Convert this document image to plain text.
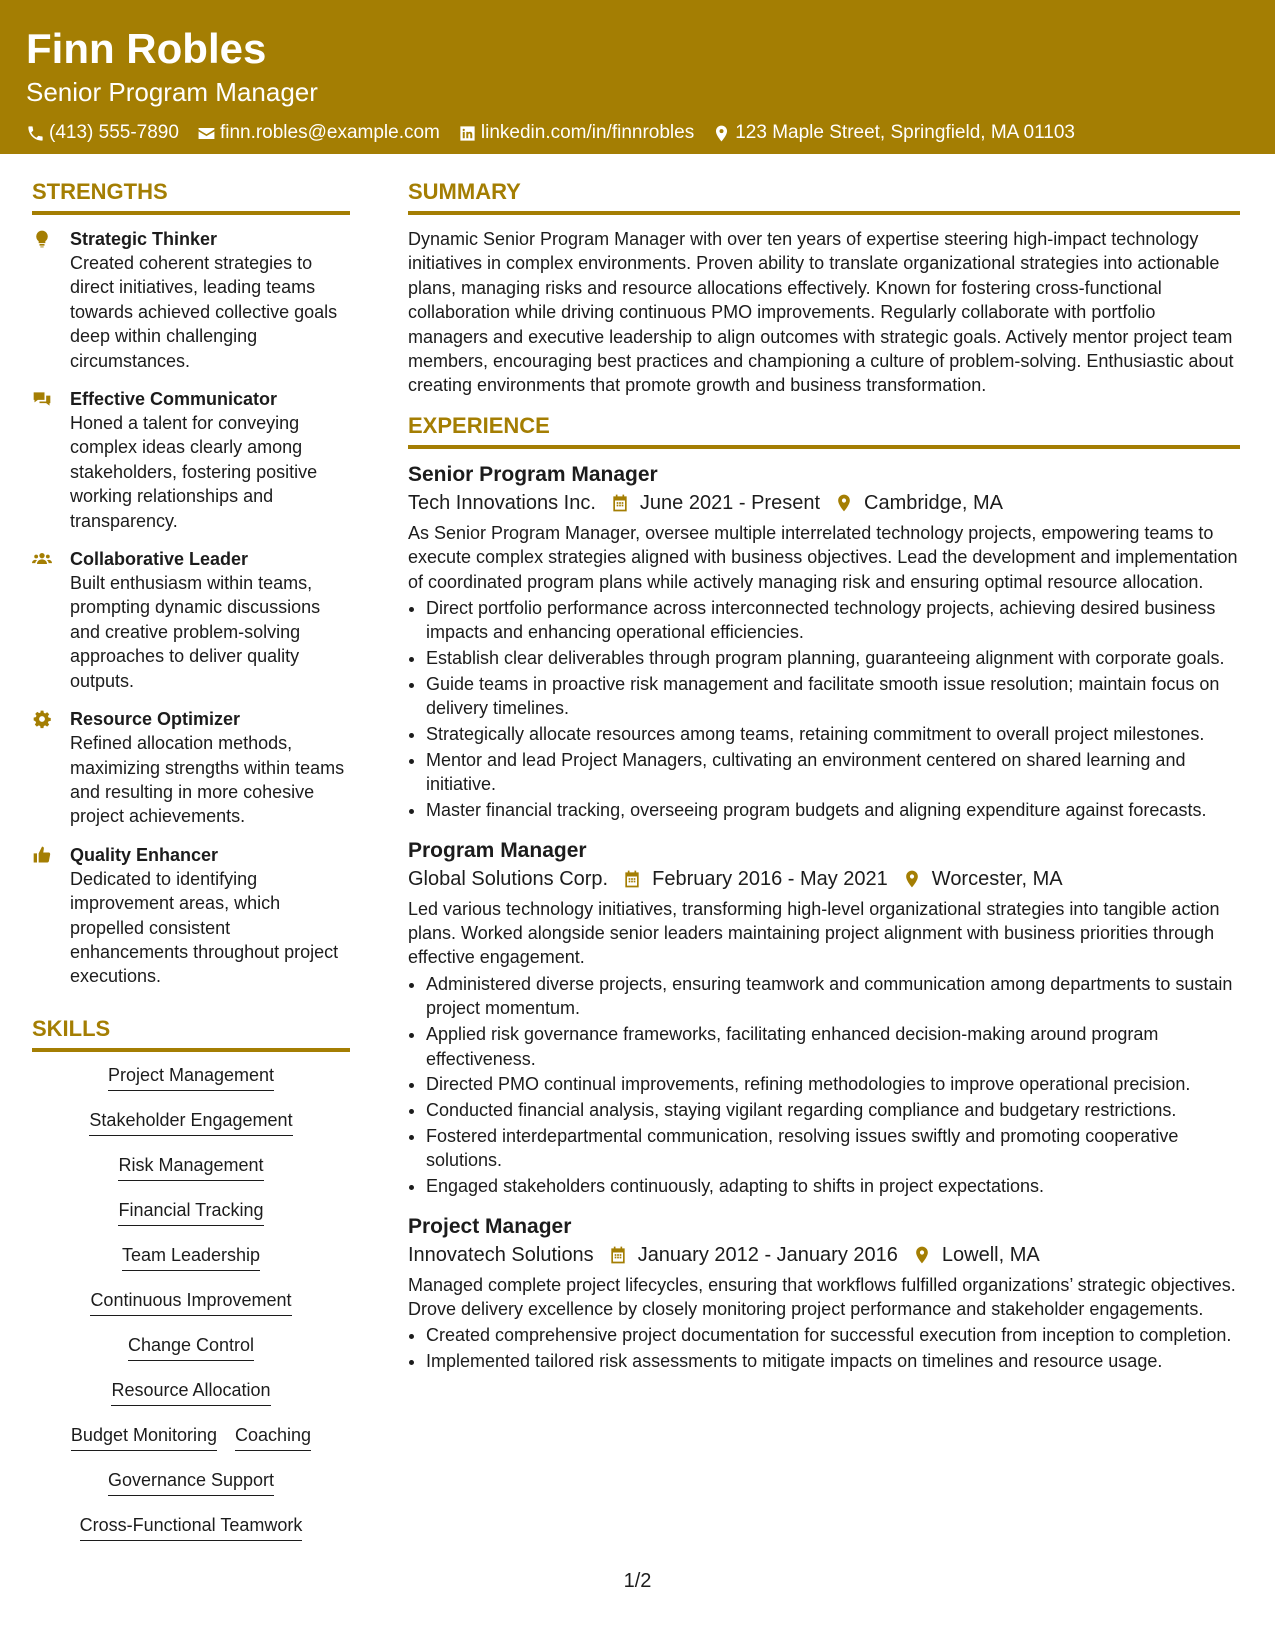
Finn Robles
Senior Program Manager
(413) 555-7890 finn.robles@example.com linkedin.com/in/finnrobles 123 Maple Street, Springfield, MA 01103
STRENGTHS
Strategic Thinker
Created coherent strategies to direct initiatives, leading teams towards achieved collective goals deep within challenging circumstances.
Effective Communicator
Honed a talent for conveying complex ideas clearly among stakeholders, fostering positive working relationships and transparency.
Collaborative Leader
Built enthusiasm within teams, prompting dynamic discussions and creative problem-solving approaches to deliver quality outputs.
Resource Optimizer
Refined allocation methods, maximizing strengths within teams and resulting in more cohesive project achievements.
Quality Enhancer
Dedicated to identifying improvement areas, which propelled consistent enhancements throughout project executions.
SKILLS
Project Management
Stakeholder Engagement
Risk Management
Financial Tracking
Team Leadership
Continuous Improvement
Change Control
Resource Allocation
Budget Monitoring Coaching
Governance Support
Cross-Functional Teamwork
SUMMARY
Dynamic Senior Program Manager with over ten years of expertise steering high-impact technology initiatives in complex environments. Proven ability to translate organizational strategies into actionable plans, managing risks and resource allocations effectively. Known for fostering cross-functional collaboration while driving continuous PMO improvements. Regularly collaborate with portfolio managers and executive leadership to align outcomes with strategic goals. Actively mentor project team members, encouraging best practices and championing a culture of problem-solving. Enthusiastic about creating environments that promote growth and business transformation.
EXPERIENCE
Senior Program Manager
Tech Innovations Inc. June 2021 - Present Cambridge, MA
As Senior Program Manager, oversee multiple interrelated technology projects, empowering teams to execute complex strategies aligned with business objectives. Lead the development and implementation of coordinated program plans while actively managing risk and ensuring optimal resource allocation.
• Direct portfolio performance across interconnected technology projects, achieving desired business impacts and enhancing operational efficiencies.
• Establish clear deliverables through program planning, guaranteeing alignment with corporate goals.
• Guide teams in proactive risk management and facilitate smooth issue resolution; maintain focus on delivery timelines.
• Strategically allocate resources among teams, retaining commitment to overall project milestones.
• Mentor and lead Project Managers, cultivating an environment centered on shared learning and initiative.
• Master financial tracking, overseeing program budgets and aligning expenditure against forecasts.
Program Manager
Global Solutions Corp. February 2016 - May 2021 Worcester, MA
Led various technology initiatives, transforming high-level organizational strategies into tangible action plans. Worked alongside senior leaders maintaining project alignment with business priorities through effective engagement.
• Administered diverse projects, ensuring teamwork and communication among departments to sustain project momentum.
• Applied risk governance frameworks, facilitating enhanced decision-making around program effectiveness.
• Directed PMO continual improvements, refining methodologies to improve operational precision.
• Conducted financial analysis, staying vigilant regarding compliance and budgetary restrictions.
• Fostered interdepartmental communication, resolving issues swiftly and promoting cooperative solutions.
• Engaged stakeholders continuously, adapting to shifts in project expectations.
Project Manager
Innovatech Solutions January 2012 - January 2016 Lowell, MA
Managed complete project lifecycles, ensuring that workflows fulfilled organizations’ strategic objectives. Drove delivery excellence by closely monitoring project performance and stakeholder engagements.
• Created comprehensive project documentation for successful execution from inception to completion.
• Implemented tailored risk assessments to mitigate impacts on timelines and resource usage.
1/2
